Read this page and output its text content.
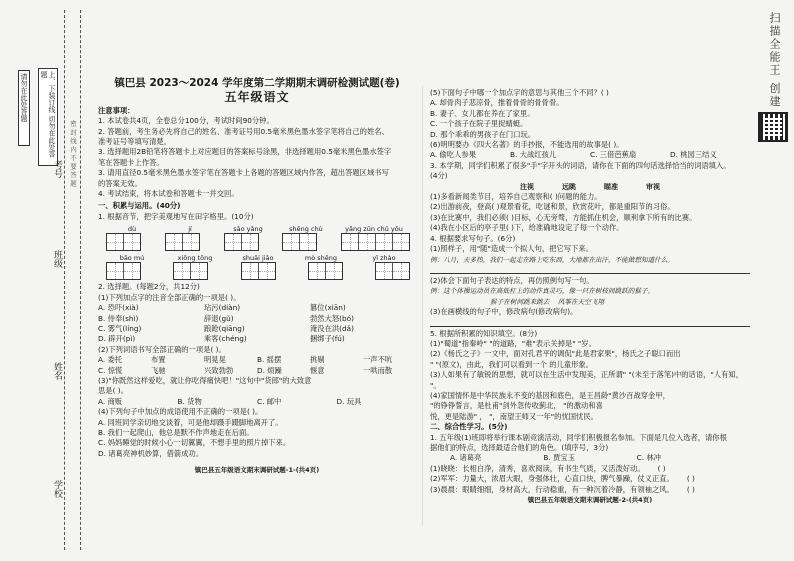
请勿在此处答题	上、下装订线 切勿在此处答题
密 封 线 内 不 要 答 题
班级
姓名
学校
考号
镇巴县 2023～2024 学年度第二学期期末调研检测试题(卷)
五年级语文
注意事项：
1. 本试卷共4页，全卷总分100分，考试时间90分钟。
2. 答题前，考生务必先将自己的姓名、准考证号用0.5毫米黑色墨水签字笔将自己的姓名、
准考证号等填写清楚。
3. 选择题用2B铅笔将答题卡上对应题目的答案标号涂黑，非选择题用0.5毫米黑色墨水签字
笔在答题卡上作答。
3. 请用直径0.5毫米黑色墨水签字笔在答题卡上各题的答题区域内作答，超出答题区域书写
的答案无效。
4. 考试结束，将本试卷和答题卡一并交回。
一、积累与运用。(40分)
1. 根据音节，把字美观地写在田字格里。(10分)
dù	jí	sāo yǎng	shēng chù	yǎng zūn chǔ yōu
bāo mú	xiōng tōng	shuāi jiāo	mò shēng	yǐ zhào
2. 选择题。(每题2分，共12分)
(1)下列加点字的注音全部正确的一项是( )。
A. 恐吓(xià)	玷污(diàn)	篡位(xiān)
B. 侍奉(shì)	辞退(gǔ)	勃然大怒(bó)
C. 雾气(líng)	踉跄(qiāng)	淹没在洪(dǎ)
D. 辟开(pì)	乘客(chéng)	捆绑子(fú)
(2)下列词语书写全部正确的一项是( )。
A. 委托	布置	明晃晃	B. 摇摆	挑剔	一声不吭
C. 惊慌	飞驰	兴致勃勃	D. 烦躁	惬意	一哄而散
(3)"你既然这样爱吃，就让你吃得痛快吧！"这句中"货郎"的大致意
思是( )。
A. 商贩	B. 货物	C. 邮中	D. 玩具
(4)下列句子中加点的成语使用不正确的一项是( )。
A. 同班同学亲切地交谈着，可是他却蹑手蹑脚地离开了。
B. 我们一起爬山，他总是默不作声地走在后面。
C. 妈妈睡觉的时候小心一切翼翼，不想手里的照片掉下来。
D. 诸葛亮神机妙算，借箭成功。
镇巴县五年级语文期末调研试题-1-(共4页)
(5)下面句子中哪一个加点字的意思与其他三个不同？( )
A. 却骨肉子悲凉骨，推着骨骨的骨骨骨。
B. 妻子、女儿都在养在了家里。
C. 一个孩子在院子里捉蜻蜓。
D. 那个乖乖的男孩子在门口玩。
(6)明明要办《四大名著》的手抄报，不能选用的故事是( )。
A. 偷吃人参果	B. 大战红孩儿	C. 三借芭蕉扇	D. 桃园三结义
3. 本学期，同学们积累了很多"手"字开头的词语，请你在下面的四句话选择恰当的词语填入。
(4分)
注视	远眺	瞄准	审视
(1)多看新闻类节目，培养自己观察和( )问题的能力。
(2)出游前夜，登高( )观景看花，吃谜和景，欣赏花叶，都是重阳节的习俗。
(3)在比赛中，我们必须( )目标，心无旁骛，方能抓住机会，顺利拿下所有的比赛。
(4)我在小区后的亭子里( )下，给准确地设定了每一个动作。
4. 根据要求写句子。(6分)
(1)照样子，用"随"造成一个拟人句，把它写下来。
例：八月，天多热，我们一起走在路上吃东西，大地都在出汗，不能做想知道什么。
(2)体会下面句子表达的特点，再仿照例句写一句。
例：这个体操运动员在高低杠上的动作真灵巧，像一只在树枝间跳跃的猴子。
猴子在树间跳来跳去 风筝在天空飞翔
(3)在画横线的句子中，修改病句(修改病句)。
5. 根据所积累的知识填空。(8分)
(1)"蜀道"指秦岭" "的道路，"难"表示关掉是" "岁。
(2)《杨氏之子》一文中，面对孔君平的调侃"此是君家果"，杨氏之子聪口而出
" "(原文)，由此，我们可以看到一个 的儿童形象。
(3)人如果有了敏锐的思想，就可以在生活中发现美，正所谓" "(未至于落笔)中的话语，"人有知，
"。
(4)家国情怀是中华民族永不变的基因和底色，是王昌龄"黄沙百战穿金甲，
"的铮铮誓言，是杜甫"剑外忽传收蓟北， "的激动和喜
悦，更是陆游" ， "，南望王师又一年"的忧国忧民。
二、综合性学习。(5分)
1. 五年级(1)班即将举行课本剧竞演活动，同学们积极报名参加。下面是几位入选者，请你根
据他们的特点，选择最适合他们的角色。(填序号，3分)
A. 诸葛亮	B. 贾宝玉	C. 林冲
(1)晓晓：长相白净，清秀，喜欢阅读，有书生气质，又活泼好动。 ( )
(2)军军：力量大，浓眉大眼，身强体壮，心直口快，脾气暴躁，仗义正直。 ( )
(3)晨晨：眼睛细细，身材高大，行动稳重，有一种沉着冷静，有领袖之风。 ( )
镇巴县五年级语文期末调研试题-2-(共4页)
扫描全能王 创建
